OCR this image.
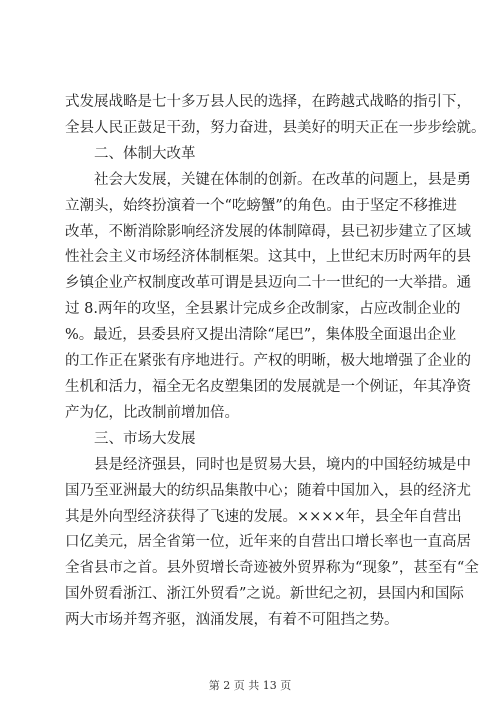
式发展战略是七十多万县人民的选择，在跨越式战略的指引下，
全县人民正鼓足干劲，努力奋进，县美好的明天正在一步步绘就。

二、体制大改革

社会大发展，关键在体制的创新。在改革的问题上，县是勇
立潮头，始终扮演着一个“吃螃蟹”的角色。由于坚定不移推进
改革，不断消除影响经济发展的体制障碍，县已初步建立了区域
性社会主义市场经济体制框架。这其中，上世纪末历时两年的县
乡镇企业产权制度改革可谓是县迈向二十一世纪的一大举措。通
过 8.两年的攻坚，全县累计完成乡企改制家，占应改制企业的
%。最近，县委县府又提出清除“尾巴”，集体股全面退出企业
的工作正在紧张有序地进行。产权的明晰，极大地增强了企业的
生机和活力，福全无名皮塑集团的发展就是一个例证，年其净资
产为亿，比改制前增加倍。

三、市场大发展

县是经济强县，同时也是贸易大县，境内的中国轻纺城是中
国乃至亚洲最大的纺织品集散中心；随着中国加入，县的经济尤
其是外向型经济获得了飞速的发展。××××年，县全年自营出
口亿美元，居全省第一位，近年来的自营出口增长率也一直高居
全省县市之首。县外贸增长奇迹被外贸界称为“现象”，甚至有“全
国外贸看浙江、浙江外贸看”之说。新世纪之初，县国内和国际
两大市场并驾齐驱，汹涌发展，有着不可阻挡之势。

第 2 页 共 13 页
